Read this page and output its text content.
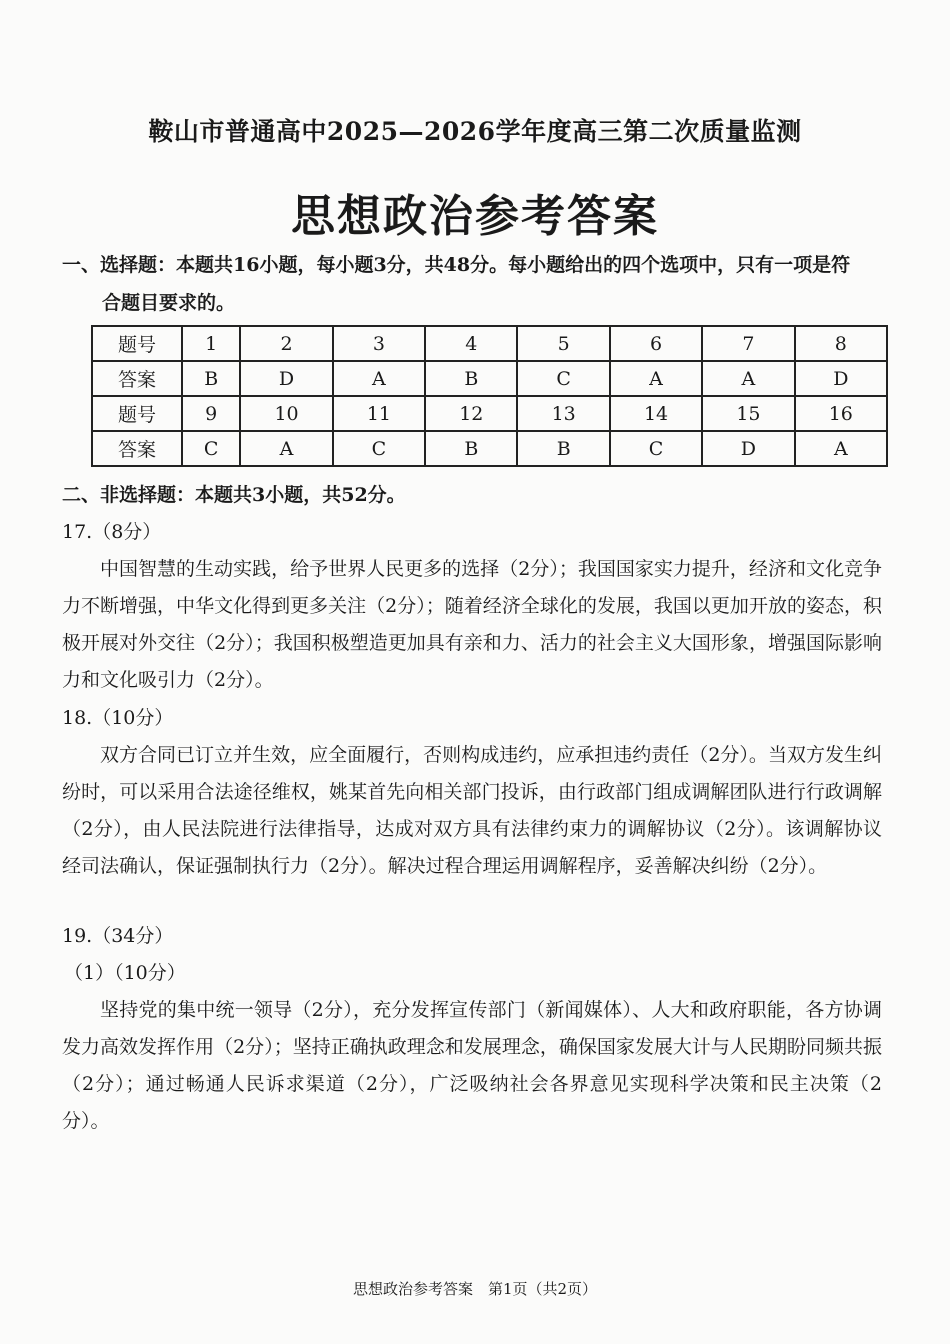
鞍山市普通高中2025—2026学年度高三第二次质量监测
思想政治参考答案
一、选择题：本题共16小题，每小题3分，共48分。每小题给出的四个选项中，只有一项是符
合题目要求的。
题号	1	2	3	4	5	6	7	8
答案	B	D	A	B	C	A	A	D
题号	9	10	11	12	13	14	15	16
答案	C	A	C	B	B	C	D	A
二、非选择题：本题共3小题，共52分。
17.（8分）
中国智慧的生动实践，给予世界人民更多的选择（2分）；我国国家实力提升，经济和文化竞争力不断增强，中华文化得到更多关注（2分）；随着经济全球化的发展，我国以更加开放的姿态，积极开展对外交往（2分）；我国积极塑造更加具有亲和力、活力的社会主义大国形象，增强国际影响力和文化吸引力（2分）。
18.（10分）
双方合同已订立并生效，应全面履行，否则构成违约，应承担违约责任（2分）。当双方发生纠纷时，可以采用合法途径维权，姚某首先向相关部门投诉，由行政部门组成调解团队进行行政调解（2分），由人民法院进行法律指导，达成对双方具有法律约束力的调解协议（2分）。该调解协议经司法确认，保证强制执行力（2分）。解决过程合理运用调解程序，妥善解决纠纷（2分）。
19.（34分）
（1）（10分）
坚持党的集中统一领导（2分），充分发挥宣传部门（新闻媒体）、人大和政府职能，各方协调发力高效发挥作用（2分）；坚持正确执政理念和发展理念，确保国家发展大计与人民期盼同频共振（2分）；通过畅通人民诉求渠道（2分），广泛吸纳社会各界意见实现科学决策和民主决策（2分）。
思想政治参考答案　第1页（共2页）
